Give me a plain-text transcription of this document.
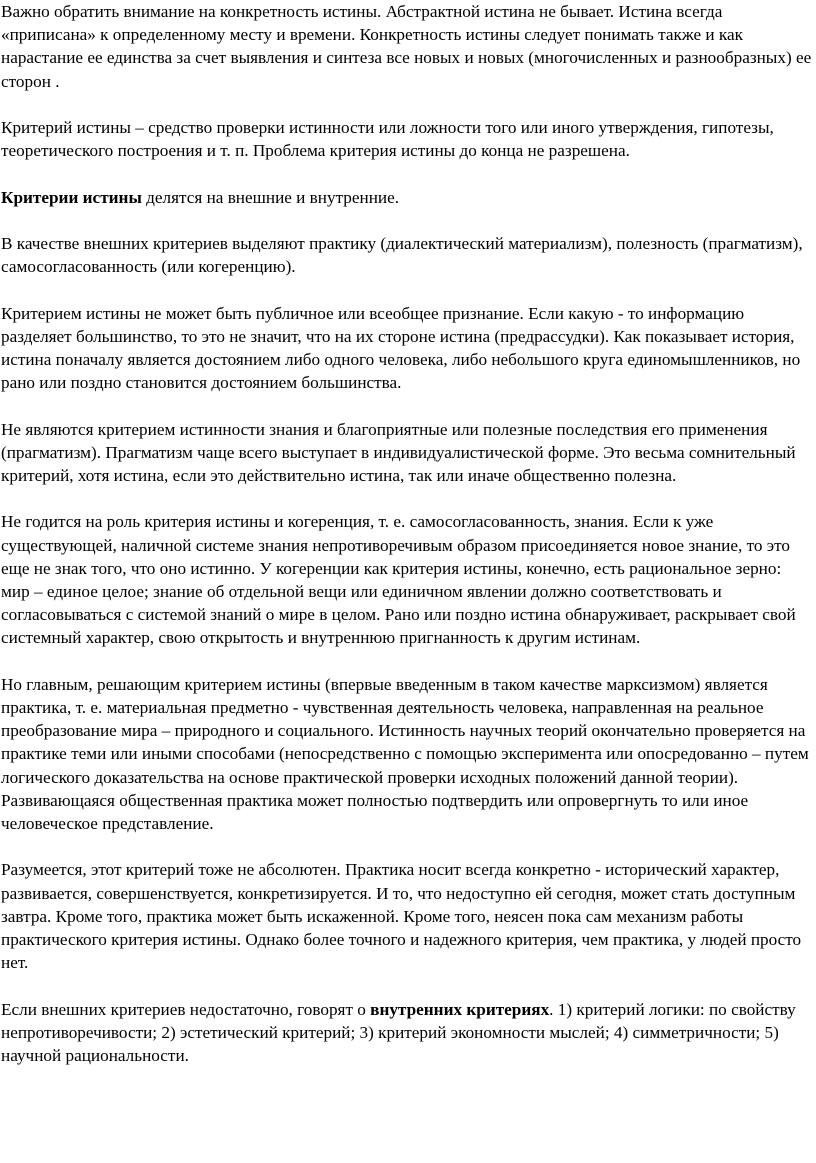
Важно обратить внимание на конкретность истины. Абстрактной истина не бывает. Истина всегда «приписана» к определенному месту и времени. Конкретность истины следует понимать также и как нарастание ее единства за счет выявления и синтеза все новых и новых (многочисленных и разнообразных) ее сторон .

Критерий истины – средство проверки истинности или ложности того или иного утверждения, гипотезы, теоретического построения и т. п. Проблема критерия истины до конца не разрешена.

Критерии истины делятся на внешние и внутренние.

В качестве внешних критериев выделяют практику (диалектический материализм), полезность (прагматизм), самосогласованность (или когеренцию).

Критерием истины не может быть публичное или всеобщее признание. Если какую - то информацию разделяет большинство, то это не значит, что на их стороне истина (предрассудки). Как показывает история, истина поначалу является достоянием либо одного человека, либо небольшого круга единомышленников, но рано или поздно становится достоянием большинства.

Не являются критерием истинности знания и благоприятные или полезные последствия его применения (прагматизм). Прагматизм чаще всего выступает в индивидуалистической форме. Это весьма сомнительный критерий, хотя истина, если это действительно истина, так или иначе общественно полезна.

Не годится на роль критерия истины и когеренция, т. е. самосогласованность, знания. Если к уже существующей, наличной системе знания непротиворечивым образом присоединяется новое знание, то это еще не знак того, что оно истинно. У когеренции как критерия истины, конечно, есть рациональное зерно: мир – единое целое; знание об отдельной вещи или единичном явлении должно соответствовать и согласовываться с системой знаний о мире в целом. Рано или поздно истина обнаруживает, раскрывает свой системный характер, свою открытость и внутреннюю пригнанность к другим истинам.

Но главным, решающим критерием истины (впервые введенным в таком качестве марксизмом) является практика, т. е. материальная предметно - чувственная деятельность человека, направленная на реальное преобразование мира – природного и социального. Истинность научных теорий окончательно проверяется на практике теми или иными способами (непосредственно с помощью эксперимента или опосредованно – путем логического доказательства на основе практической проверки исходных положений данной теории). Развивающаяся общественная практика может полностью подтвердить или опровергнуть то или иное человеческое представление.

Разумеется, этот критерий тоже не абсолютен. Практика носит всегда конкретно - исторический характер, развивается, совершенствуется, конкретизируется. И то, что недоступно ей сегодня, может стать доступным завтра. Кроме того, практика может быть искаженной. Кроме того, неясен пока сам механизм работы практического критерия истины. Однако более точного и надежного критерия, чем практика, у людей просто нет.

Если внешних критериев недостаточно, говорят о внутренних критериях. 1) критерий логики: по свойству непротиворечивости; 2) эстетический критерий; 3) критерий экономности мыслей; 4) симметричности; 5) научной рациональности.
